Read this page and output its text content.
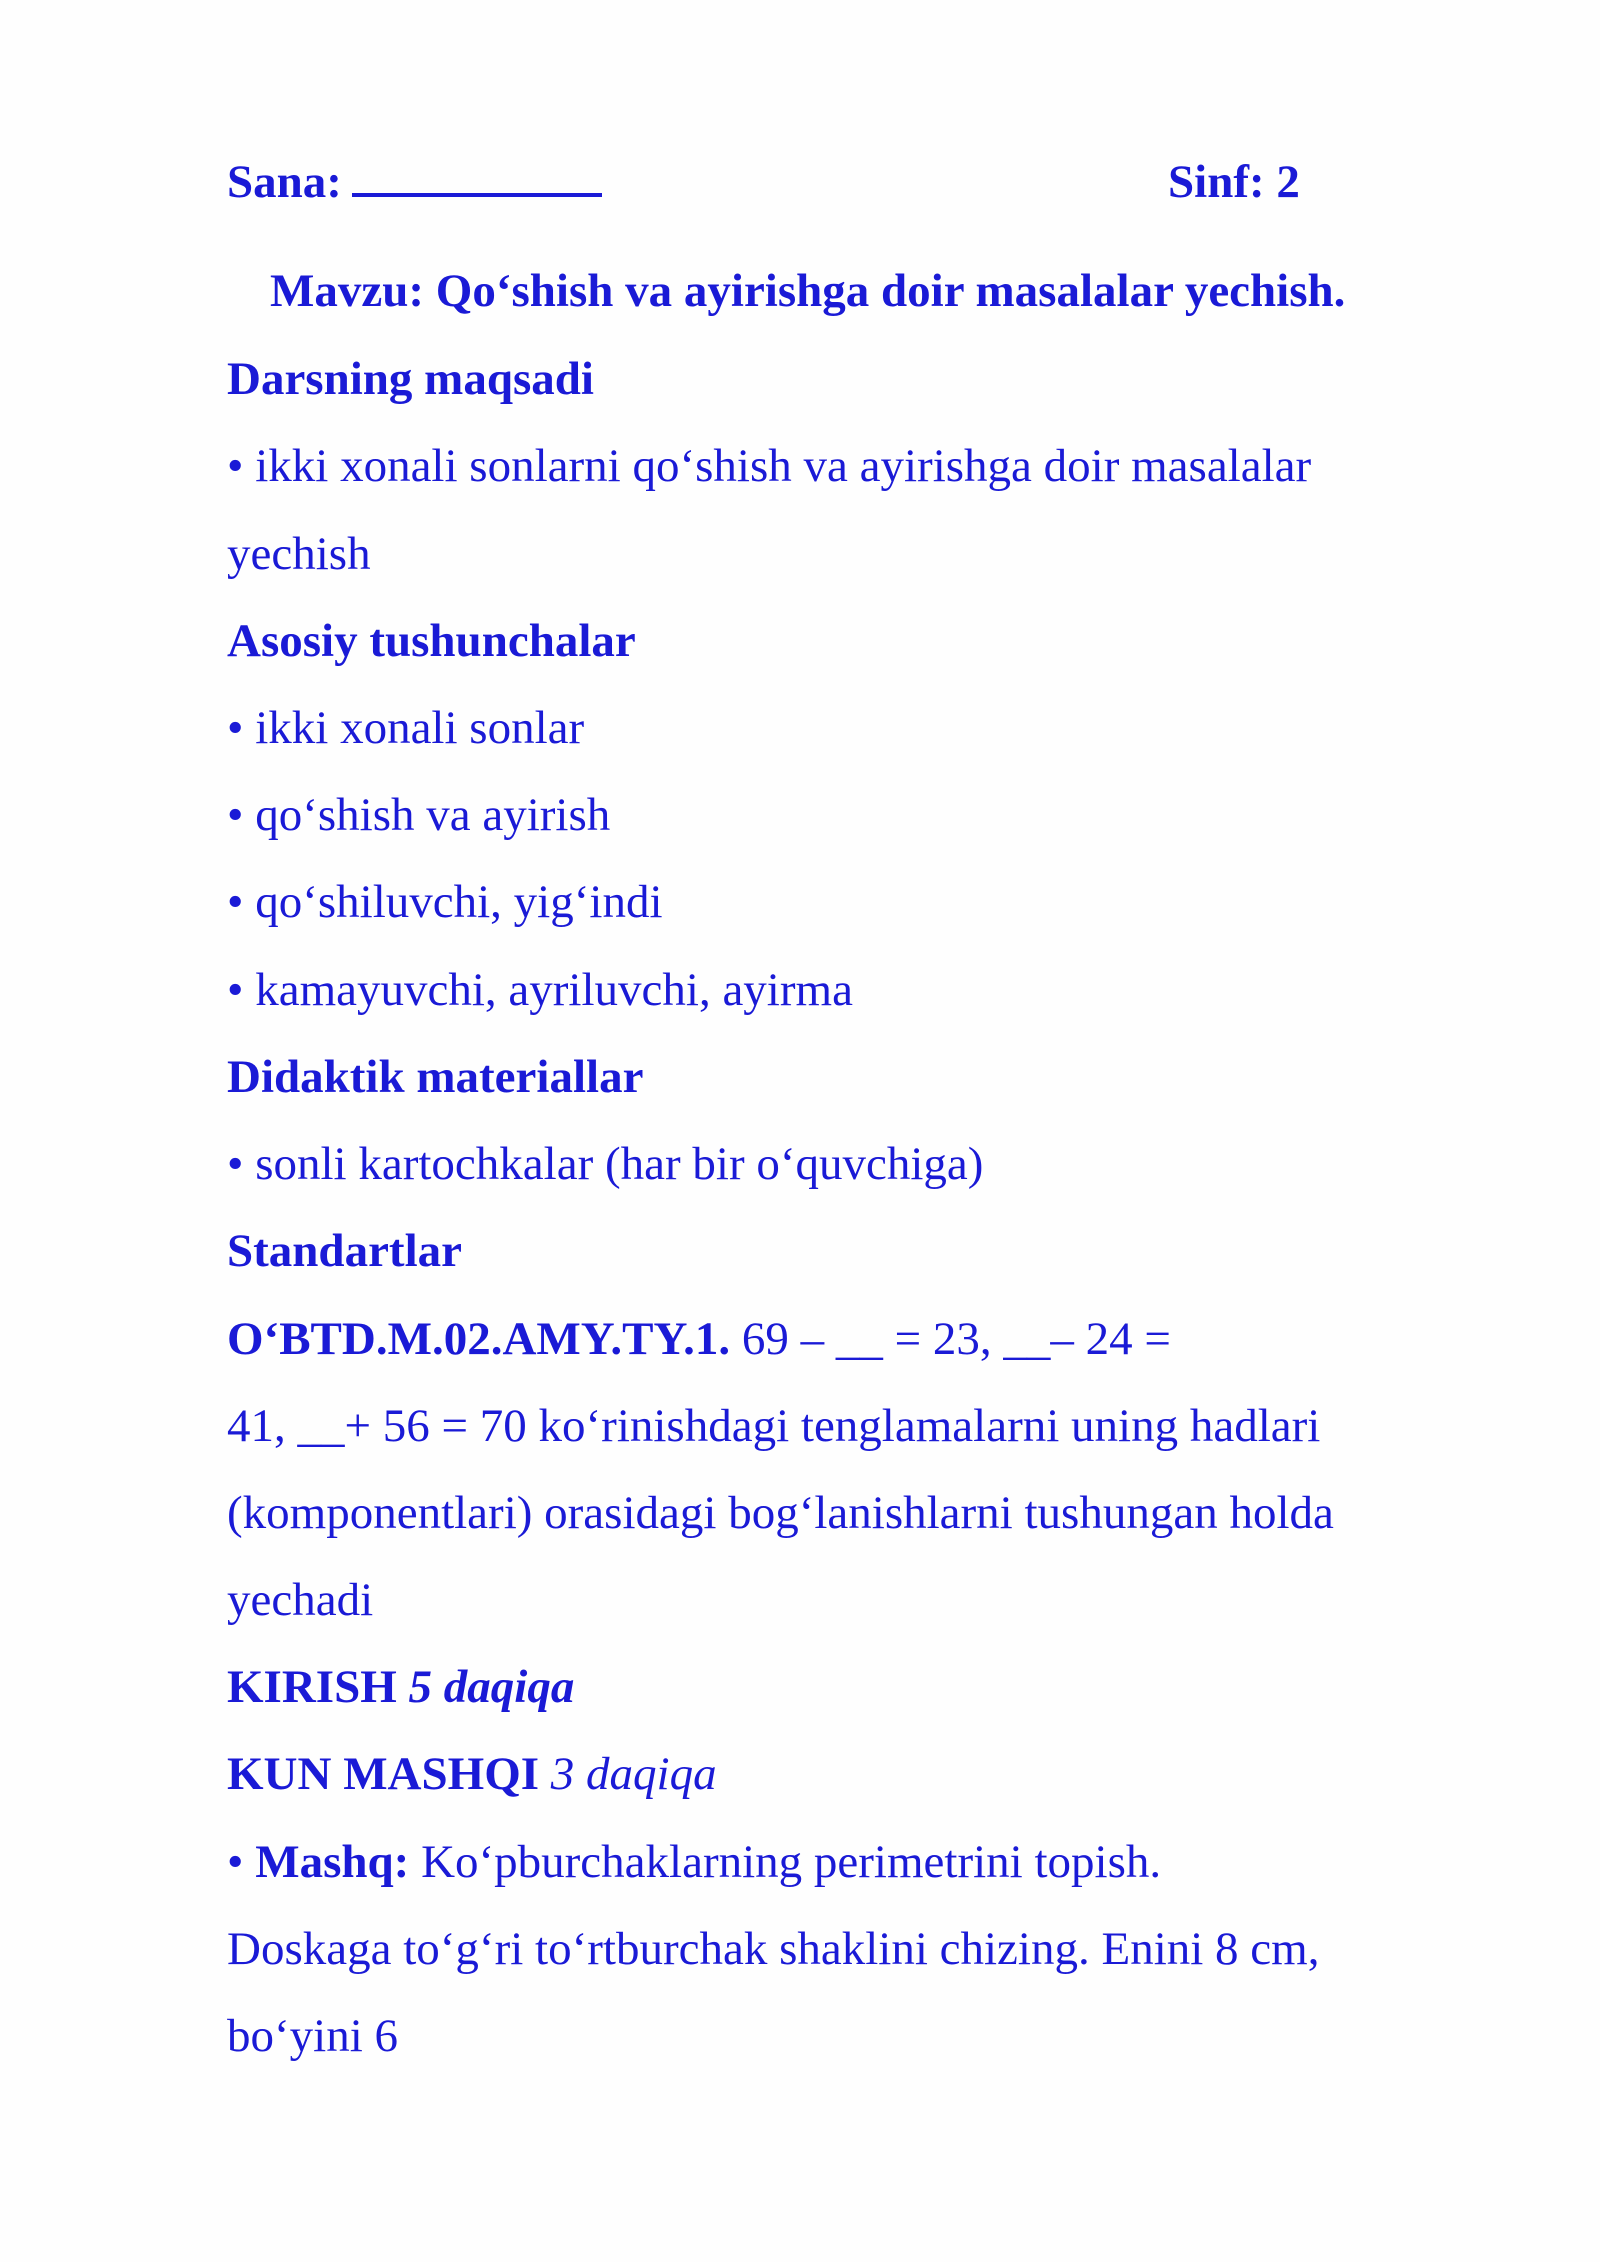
Sana:	Sinf: 2
Mavzu: Qo‘shish va ayirishga doir masalalar yechish.
Darsning maqsadi
• ikki xonali sonlarni qo‘shish va ayirishga doir masalalar
yechish
Asosiy tushunchalar
• ikki xonali sonlar
• qo‘shish va ayirish
• qo‘shiluvchi, yig‘indi
• kamayuvchi, ayriluvchi, ayirma
Didaktik materiallar
• sonli kartochkalar (har bir o‘quvchiga)
Standartlar
O‘BTD.M.02.AMY.TY.1. 69 – __ = 23, __– 24 =
41, __+ 56 = 70 ko‘rinishdagi tenglamalarni uning hadlari
(komponentlari) orasidagi bog‘lanishlarni tushungan holda
yechadi
KIRISH 5 daqiqa
KUN MASHQI 3 daqiqa
• Mashq: Ko‘pburchaklarning perimetrini topish.
Doskaga to‘g‘ri to‘rtburchak shaklini chizing. Enini 8 cm,
bo‘yini 6
